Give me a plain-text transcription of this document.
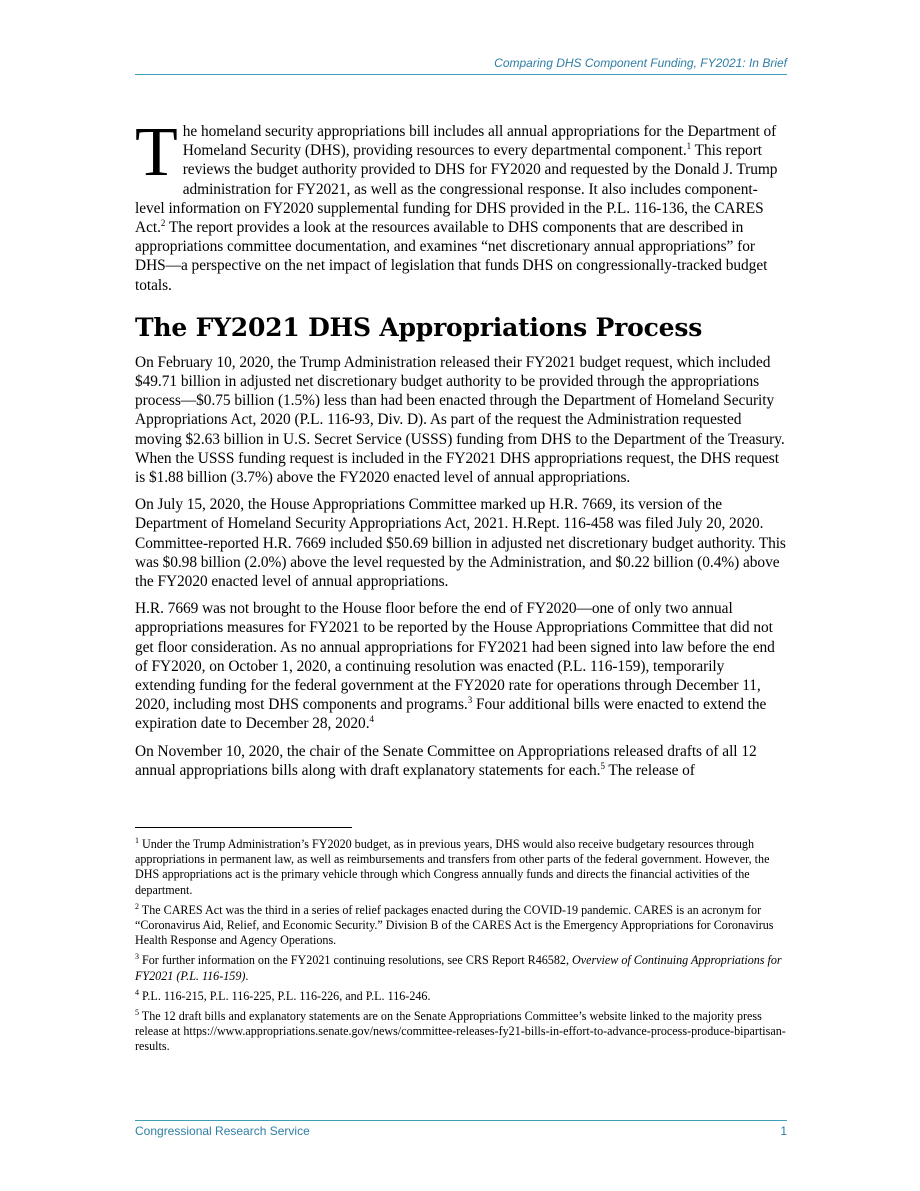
Comparing DHS Component Funding, FY2021: In Brief

The homeland security appropriations bill includes all annual appropriations for the Department of Homeland Security (DHS), providing resources to every departmental component.$^1$ This report reviews the budget authority provided to DHS for FY2020 and requested by the Donald J. Trump administration for FY2021, as well as the congressional response. It also includes component-level information on FY2020 supplemental funding for DHS provided in the P.L. 116-136, the CARES Act.$^2$ The report provides a look at the resources available to DHS components that are described in appropriations committee documentation, and examines “net discretionary annual appropriations” for DHS—a perspective on the net impact of legislation that funds DHS on congressionally-tracked budget totals.

The FY2021 DHS Appropriations Process

On February 10, 2020, the Trump Administration released their FY2021 budget request, which included $49.71 billion in adjusted net discretionary budget authority to be provided through the appropriations process—$0.75 billion (1.5%) less than had been enacted through the Department of Homeland Security Appropriations Act, 2020 (P.L. 116-93, Div. D). As part of the request the Administration requested moving $2.63 billion in U.S. Secret Service (USSS) funding from DHS to the Department of the Treasury. When the USSS funding request is included in the FY2021 DHS appropriations request, the DHS request is $1.88 billion (3.7%) above the FY2020 enacted level of annual appropriations.

On July 15, 2020, the House Appropriations Committee marked up H.R. 7669, its version of the Department of Homeland Security Appropriations Act, 2021. H.Rept. 116-458 was filed July 20, 2020. Committee-reported H.R. 7669 included $50.69 billion in adjusted net discretionary budget authority. This was $0.98 billion (2.0%) above the level requested by the Administration, and $0.22 billion (0.4%) above the FY2020 enacted level of annual appropriations.

H.R. 7669 was not brought to the House floor before the end of FY2020—one of only two annual appropriations measures for FY2021 to be reported by the House Appropriations Committee that did not get floor consideration. As no annual appropriations for FY2021 had been signed into law before the end of FY2020, on October 1, 2020, a continuing resolution was enacted (P.L. 116-159), temporarily extending funding for the federal government at the FY2020 rate for operations through December 11, 2020, including most DHS components and programs.$^3$ Four additional bills were enacted to extend the expiration date to December 28, 2020.$^4$

On November 10, 2020, the chair of the Senate Committee on Appropriations released drafts of all 12 annual appropriations bills along with draft explanatory statements for each.$^5$ The release of

$^1$ Under the Trump Administration’s FY2020 budget, as in previous years, DHS would also receive budgetary resources through appropriations in permanent law, as well as reimbursements and transfers from other parts of the federal government. However, the DHS appropriations act is the primary vehicle through which Congress annually funds and directs the financial activities of the department.

$^2$ The CARES Act was the third in a series of relief packages enacted during the COVID-19 pandemic. CARES is an acronym for “Coronavirus Aid, Relief, and Economic Security.” Division B of the CARES Act is the Emergency Appropriations for Coronavirus Health Response and Agency Operations.

$^3$ For further information on the FY2021 continuing resolutions, see CRS Report R46582, Overview of Continuing Appropriations for FY2021 (P.L. 116-159).

$^4$ P.L. 116-215, P.L. 116-225, P.L. 116-226, and P.L. 116-246.

$^5$ The 12 draft bills and explanatory statements are on the Senate Appropriations Committee’s website linked to the majority press release at https://www.appropriations.senate.gov/news/committee-releases-fy21-bills-in-effort-to-advance-process-produce-bipartisan-results.

Congressional Research Service	1
